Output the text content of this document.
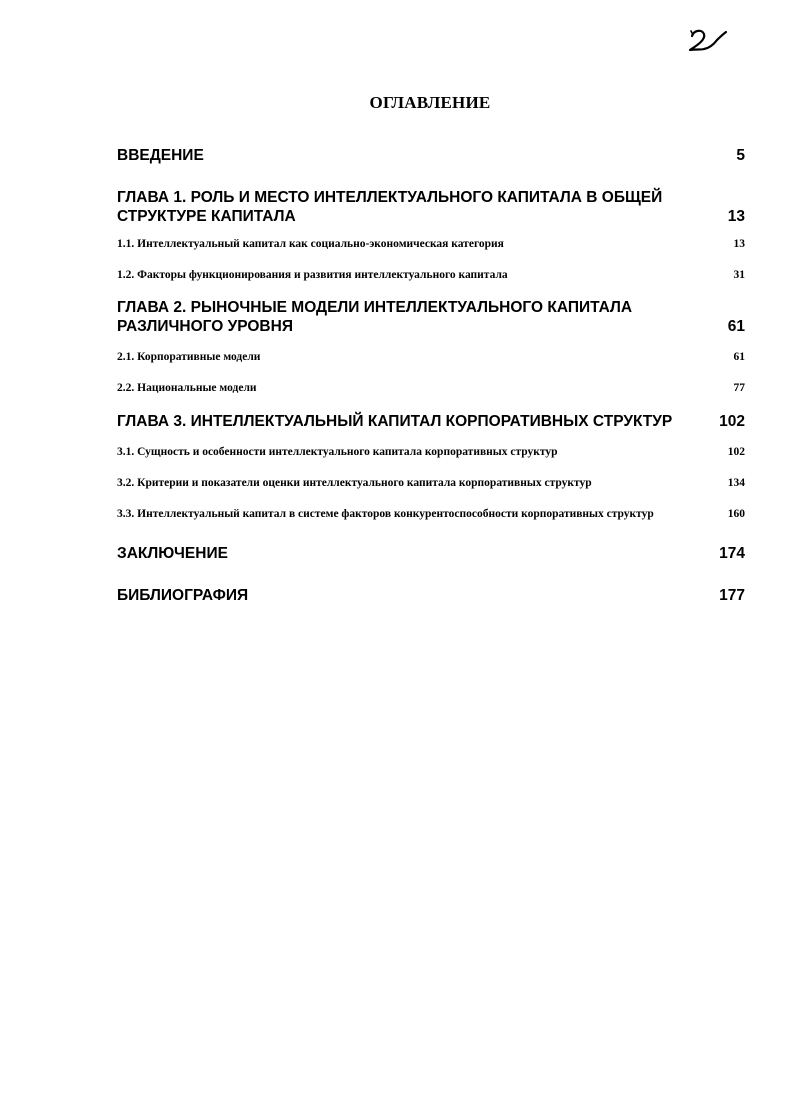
ОГЛАВЛЕНИЕ
ВВЕДЕНИЕ	5
ГЛАВА 1. РОЛЬ И МЕСТО ИНТЕЛЛЕКТУАЛЬНОГО КАПИТАЛА В ОБЩЕЙ СТРУКТУРЕ КАПИТАЛА	13
1.1. Интеллектуальный капитал как социально-экономическая категория	13
1.2. Факторы функционирования и развития интеллектуального капитала	31
ГЛАВА 2. РЫНОЧНЫЕ МОДЕЛИ ИНТЕЛЛЕКТУАЛЬНОГО КАПИТАЛА РАЗЛИЧНОГО УРОВНЯ	61
2.1. Корпоративные модели	61
2.2. Национальные модели	77
ГЛАВА 3. ИНТЕЛЛЕКТУАЛЬНЫЙ КАПИТАЛ КОРПОРАТИВНЫХ СТРУКТУР	102
3.1. Сущность и особенности интеллектуального капитала корпоративных структур	102
3.2. Критерии и показатели оценки интеллектуального капитала корпоративных структур	134
3.3. Интеллектуальный капитал в системе факторов конкурентоспособности корпоративных структур	160
ЗАКЛЮЧЕНИЕ	174
БИБЛИОГРАФИЯ	177
